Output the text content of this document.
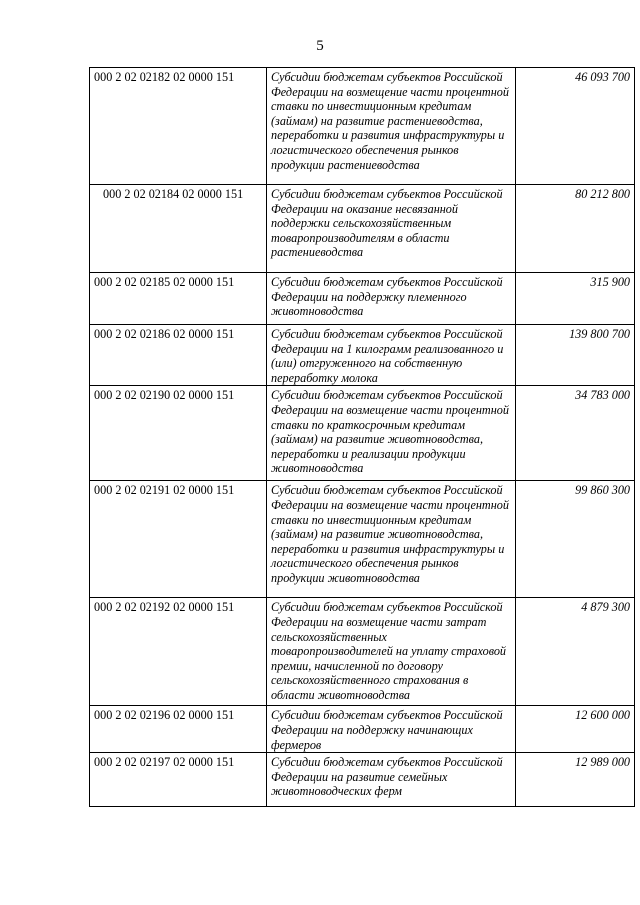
5
000 2 02 02182 02 0000 151	Субсидии бюджетам субъектов Российской Федерации на возмещение части процентной ставки по инвестиционным кредитам (займам) на развитие растениеводства, переработки и развития инфраструктуры и логистического обеспечения рынков продукции растениеводства	46 093 700
000 2 02 02184 02 0000 151	Субсидии бюджетам субъектов Российской Федерации на оказание несвязанной поддержки сельскохозяйственным товаропроизводителям в области растениеводства	80 212 800
000 2 02 02185 02 0000 151	Субсидии бюджетам субъектов Российской Федерации на поддержку племенного животноводства	315 900
000 2 02 02186 02 0000 151	Субсидии бюджетам субъектов Российской Федерации на 1 килограмм реализованного и (или) отгруженного на собственную переработку молока	139 800 700
000 2 02 02190 02 0000 151	Субсидии бюджетам субъектов Российской Федерации на возмещение части процентной ставки по краткосрочным кредитам (займам) на развитие животноводства, переработки и реализации продукции животноводства	34 783 000
000 2 02 02191 02 0000 151	Субсидии бюджетам субъектов Российской Федерации на возмещение части процентной ставки по инвестиционным кредитам (займам) на развитие животноводства, переработки и развития инфраструктуры и логистического обеспечения рынков продукции животноводства	99 860 300
000 2 02 02192 02 0000 151	Субсидии бюджетам субъектов Российской Федерации на возмещение части затрат сельскохозяйственных товаропроизводителей на уплату страховой премии, начисленной по договору сельскохозяйственного страхования в области животноводства	4 879 300
000 2 02 02196 02 0000 151	Субсидии бюджетам субъектов Российской Федерации на поддержку начинающих фермеров	12 600 000
000 2 02 02197 02 0000 151	Субсидии бюджетам субъектов Российской Федерации на развитие семейных животноводческих ферм	12 989 000
